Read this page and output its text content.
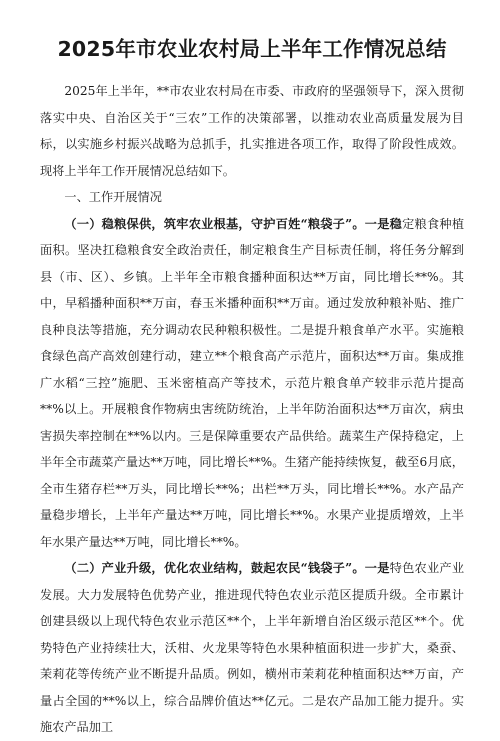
2025年市农业农村局上半年工作情况总结

2025年上半年，**市农业农村局在市委、市政府的坚强领导下，深入贯彻落实中央、自治区关于“三农”工作的决策部署，以推动农业高质量发展为目标，以实施乡村振兴战略为总抓手，扎实推进各项工作，取得了阶段性成效。现将上半年工作开展情况总结如下。

一、工作开展情况

（一）稳粮保供，筑牢农业根基，守护百姓“粮袋子”。一是稳定粮食种植面积。坚决扛稳粮食安全政治责任，制定粮食生产目标责任制，将任务分解到县（市、区）、乡镇。上半年全市粮食播种面积达**万亩，同比增长**%。其中，早稻播种面积**万亩，春玉米播种面积**万亩。通过发放种粮补贴、推广良种良法等措施，充分调动农民种粮积极性。二是提升粮食单产水平。实施粮食绿色高产高效创建行动，建立**个粮食高产示范片，面积达**万亩。集成推广水稻“三控”施肥、玉米密植高产等技术，示范片粮食单产较非示范片提高**%以上。开展粮食作物病虫害统防统治，上半年防治面积达**万亩次，病虫害损失率控制在**%以内。三是保障重要农产品供给。蔬菜生产保持稳定，上半年全市蔬菜产量达**万吨，同比增长**%。生猪产能持续恢复，截至6月底，全市生猪存栏**万头，同比增长**%；出栏**万头，同比增长**%。水产品产量稳步增长，上半年产量达**万吨，同比增长**%。水果产业提质增效，上半年水果产量达**万吨，同比增长**%。

（二）产业升级，优化农业结构，鼓起农民“钱袋子”。一是特色农业产业发展。大力发展特色优势产业，推进现代特色农业示范区提质升级。全市累计创建县级以上现代特色农业示范区**个，上半年新增自治区级示范区**个。优势特色产业持续壮大，沃柑、火龙果等特色水果种植面积进一步扩大，桑蚕、茉莉花等传统产业不断提升品质。例如，横州市茉莉花种植面积达**万亩，产量占全国的**%以上，综合品牌价值达**亿元。二是农产品加工能力提升。实施农产品加工
